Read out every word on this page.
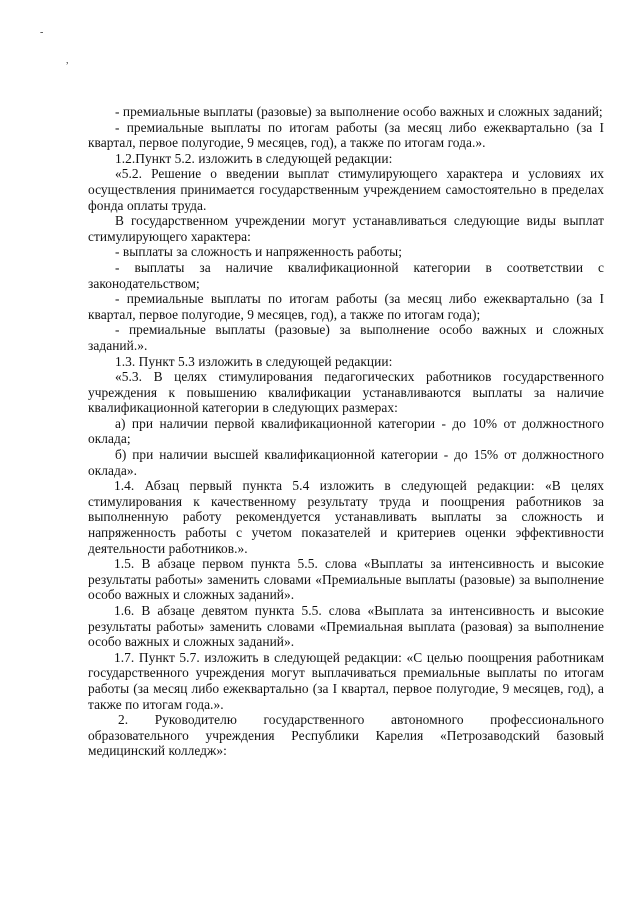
-
,

- премиальные выплаты (разовые) за выполнение особо важных и сложных заданий;

- премиальные выплаты по итогам работы (за месяц либо ежеквартально (за I квартал, первое полугодие, 9 месяцев, год), а также по итогам года.».

1.2.Пункт 5.2. изложить в следующей редакции:

«5.2. Решение о введении выплат стимулирующего характера и условиях их осуществления принимается государственным учреждением самостоятельно в пределах фонда оплаты труда.

В государственном учреждении могут устанавливаться следующие виды выплат стимулирующего характера:

- выплаты за сложность и напряженность работы;

- выплаты за наличие квалификационной категории в соответствии с законодательством;

- премиальные выплаты по итогам работы (за месяц либо ежеквартально (за I квартал, первое полугодие, 9 месяцев, год), а также по итогам года);

- премиальные выплаты (разовые) за выполнение особо важных и сложных заданий.».

1.3. Пункт 5.3 изложить в следующей редакции:

«5.3. В целях стимулирования педагогических работников государственного учреждения к повышению квалификации устанавливаются выплаты за наличие квалификационной категории в следующих размерах:

а) при наличии первой квалификационной категории - до 10% от должностного оклада;

б) при наличии высшей квалификационной категории - до 15% от должностного оклада».

1.4. Абзац первый пункта 5.4 изложить в следующей редакции: «В целях стимулирования к качественному результату труда и поощрения работников за выполненную работу рекомендуется устанавливать выплаты за сложность и напряженность работы с учетом показателей и критериев оценки эффективности деятельности работников.».

1.5. В абзаце первом пункта 5.5. слова «Выплаты за интенсивность и высокие результаты работы» заменить словами «Премиальные выплаты (разовые) за выполнение особо важных и сложных заданий».

1.6. В абзаце девятом пункта 5.5. слова «Выплата за интенсивность и высокие результаты работы» заменить словами «Премиальная выплата (разовая) за выполнение особо важных и сложных заданий».

1.7. Пункт 5.7. изложить в следующей редакции: «С целью поощрения работникам государственного учреждения могут выплачиваться премиальные выплаты по итогам работы (за месяц либо ежеквартально (за I квартал, первое полугодие, 9 месяцев, год), а также по итогам года.».

2. Руководителю государственного автономного профессионального образовательного учреждения Республики Карелия «Петрозаводский базовый медицинский колледж»:
